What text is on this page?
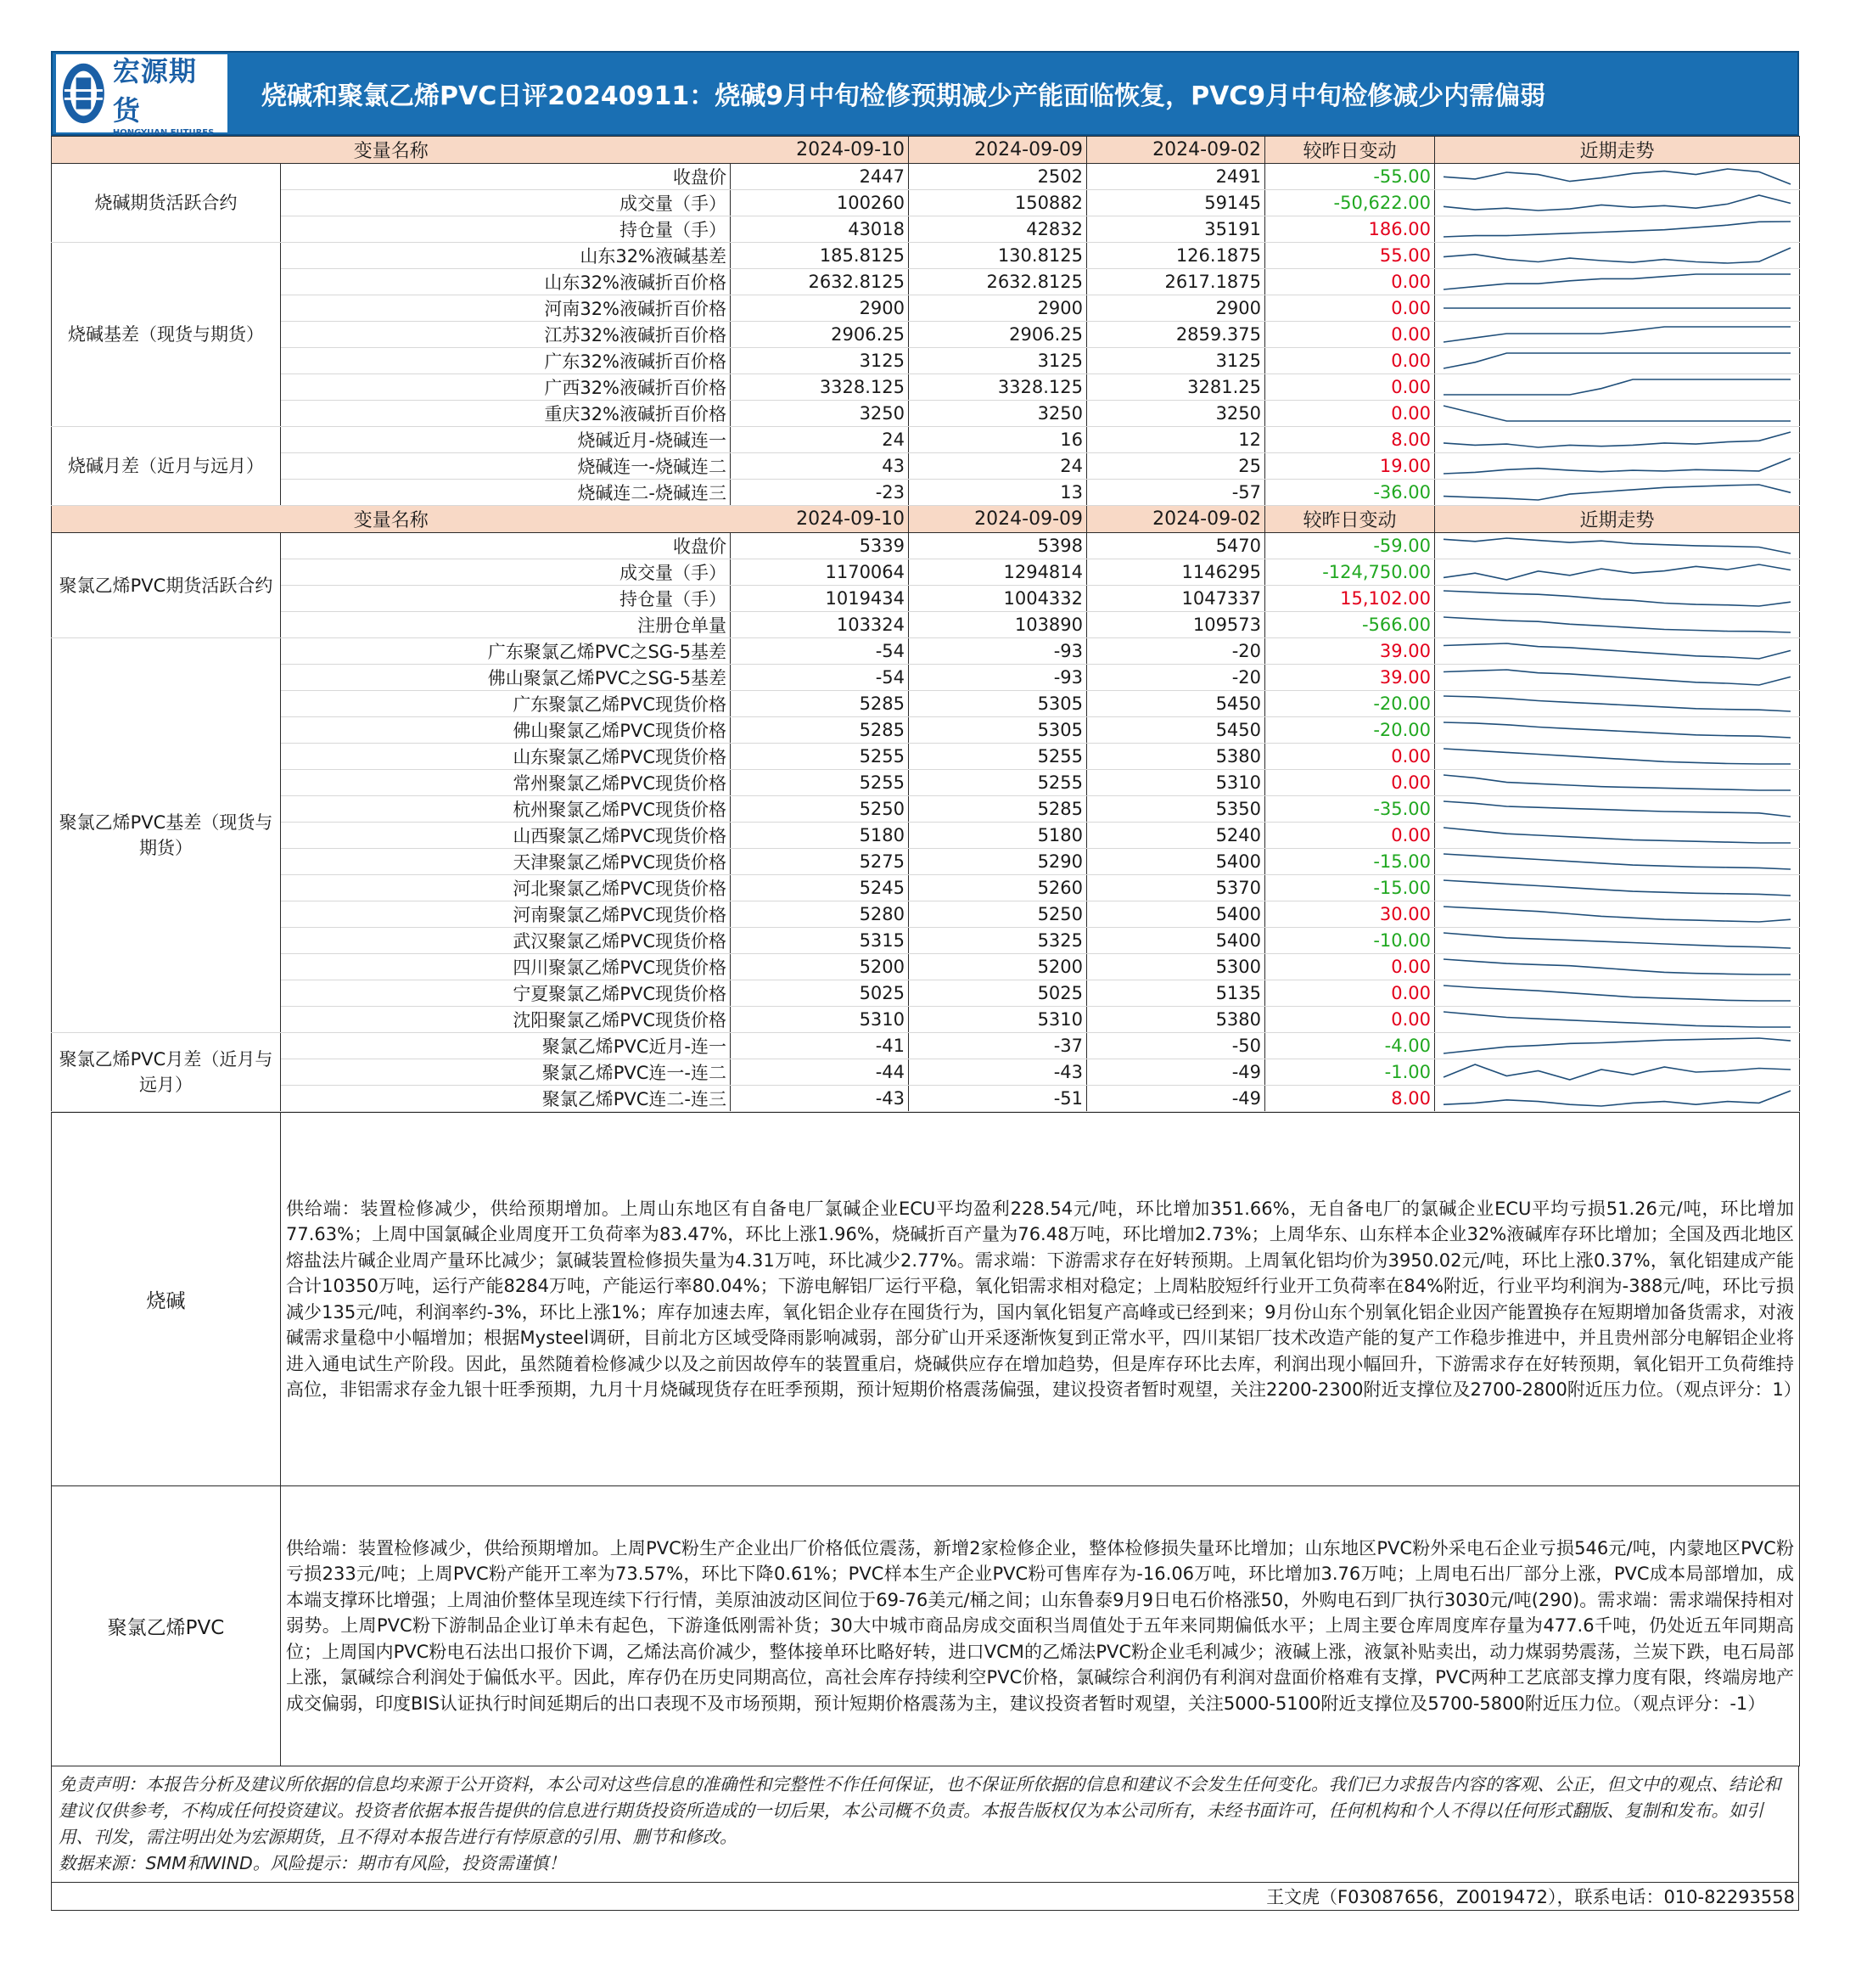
宏源期货
HONGYUAN FUTURES
烧碱和聚氯乙烯PVC日评20240911：烧碱9月中旬检修预期减少产能面临恢复，PVC9月中旬检修减少内需偏弱
变量名称		2024-09-10	2024-09-09	2024-09-02	较昨日变动	近期走势
烧碱期货活跃合约	收盘价	2447	2502	2491	-55.00	

	成交量（手）	100260	150882	59145	-50,622.00	

	持仓量（手）	43018	42832	35191	186.00	

烧碱基差（现货与期货）	山东32%液碱基差	185.8125	130.8125	126.1875	55.00	

	山东32%液碱折百价格	2632.8125	2632.8125	2617.1875	0.00	

	河南32%液碱折百价格	2900	2900	2900	0.00	

	江苏32%液碱折百价格	2906.25	2906.25	2859.375	0.00	

	广东32%液碱折百价格	3125	3125	3125	0.00	

	广西32%液碱折百价格	3328.125	3328.125	3281.25	0.00	

	重庆32%液碱折百价格	3250	3250	3250	0.00	

烧碱月差（近月与远月）	烧碱近月-烧碱连一	24	16	12	8.00	

	烧碱连一-烧碱连二	43	24	25	19.00	

	烧碱连二-烧碱连三	-23	13	-57	-36.00	

变量名称		2024-09-10	2024-09-09	2024-09-02	较昨日变动	近期走势
聚氯乙烯PVC期货活跃合约	收盘价	5339	5398	5470	-59.00	

	成交量（手）	1170064	1294814	1146295	-124,750.00	

	持仓量（手）	1019434	1004332	1047337	15,102.00	

	注册仓单量	103324	103890	109573	-566.00	

聚氯乙烯PVC基差（现货与期货）	广东聚氯乙烯PVC之SG-5基差	-54	-93	-20	39.00	

	佛山聚氯乙烯PVC之SG-5基差	-54	-93	-20	39.00	

	广东聚氯乙烯PVC现货价格	5285	5305	5450	-20.00	

	佛山聚氯乙烯PVC现货价格	5285	5305	5450	-20.00	

	山东聚氯乙烯PVC现货价格	5255	5255	5380	0.00	

	常州聚氯乙烯PVC现货价格	5255	5255	5310	0.00	

	杭州聚氯乙烯PVC现货价格	5250	5285	5350	-35.00	

	山西聚氯乙烯PVC现货价格	5180	5180	5240	0.00	

	天津聚氯乙烯PVC现货价格	5275	5290	5400	-15.00	

	河北聚氯乙烯PVC现货价格	5245	5260	5370	-15.00	

	河南聚氯乙烯PVC现货价格	5280	5250	5400	30.00	

	武汉聚氯乙烯PVC现货价格	5315	5325	5400	-10.00	

	四川聚氯乙烯PVC现货价格	5200	5200	5300	0.00	

	宁夏聚氯乙烯PVC现货价格	5025	5025	5135	0.00	

	沈阳聚氯乙烯PVC现货价格	5310	5310	5380	0.00	

聚氯乙烯PVC月差（近月与远月）	聚氯乙烯PVC近月-连一	-41	-37	-50	-4.00	

	聚氯乙烯PVC连一-连二	-44	-43	-49	-1.00	

	聚氯乙烯PVC连二-连三	-43	-51	-49	8.00	
烧碱	供给端：装置检修减少，供给预期增加。上周山东地区有自备电厂氯碱企业ECU平均盈利228.54元/吨，环比增加351.66%，无自备电厂的氯碱企业ECU平均亏损51.26元/吨，环比增加77.63%；上周中国氯碱企业周度开工负荷率为83.47%，环比上涨1.96%，烧碱折百产量为76.48万吨，环比增加2.73%；上周华东、山东样本企业32%液碱库存环比增加；全国及西北地区熔盐法片碱企业周产量环比减少；氯碱装置检修损失量为4.31万吨，环比减少2.77%。需求端：下游需求存在好转预期。上周氧化铝均价为3950.02元/吨，环比上涨0.37%，氧化铝建成产能合计10350万吨，运行产能8284万吨，产能运行率80.04%；下游电解铝厂运行平稳，氧化铝需求相对稳定；上周粘胶短纤行业开工负荷率在84%附近，行业平均利润为-388元/吨，环比亏损减少135元/吨，利润率约-3%，环比上涨1%；库存加速去库，氧化铝企业存在囤货行为，国内氧化铝复产高峰或已经到来；9月份山东个别氧化铝企业因产能置换存在短期增加备货需求，对液碱需求量稳中小幅增加；根据Mysteel调研，目前北方区域受降雨影响减弱，部分矿山开采逐渐恢复到正常水平，四川某铝厂技术改造产能的复产工作稳步推进中，并且贵州部分电解铝企业将进入通电试生产阶段。因此，虽然随着检修减少以及之前因故停车的装置重启，烧碱供应存在增加趋势，但是库存环比去库，利润出现小幅回升，下游需求存在好转预期，氧化铝开工负荷维持高位，非铝需求存金九银十旺季预期，九月十月烧碱现货存在旺季预期，预计短期价格震荡偏强，建议投资者暂时观望，关注2200-2300附近支撑位及2700-2800附近压力位。（观点评分：1）
聚氯乙烯PVC	供给端：装置检修减少，供给预期增加。上周PVC粉生产企业出厂价格低位震荡，新增2家检修企业，整体检修损失量环比增加；山东地区PVC粉外采电石企业亏损546元/吨，内蒙地区PVC粉亏损233元/吨；上周PVC粉产能开工率为73.57%，环比下降0.61%；PVC样本生产企业PVC粉可售库存为-16.06万吨，环比增加3.76万吨；上周电石出厂部分上涨，PVC成本局部增加，成本端支撑环比增强；上周油价整体呈现连续下行行情，美原油波动区间位于69-76美元/桶之间；山东鲁泰9月9日电石价格涨50，外购电石到厂执行3030元/吨(290)。需求端：需求端保持相对弱势。上周PVC粉下游制品企业订单未有起色，下游逢低刚需补货；30大中城市商品房成交面积当周值处于五年来同期偏低水平；上周主要仓库周度库存量为477.6千吨，仍处近五年同期高位；上周国内PVC粉电石法出口报价下调，乙烯法高价减少，整体接单环比略好转，进口VCM的乙烯法PVC粉企业毛利减少；液碱上涨，液氯补贴卖出，动力煤弱势震荡，兰炭下跌，电石局部上涨，氯碱综合利润处于偏低水平。因此，库存仍在历史同期高位，高社会库存持续利空PVC价格，氯碱综合利润仍有利润对盘面价格难有支撑，PVC两种工艺底部支撑力度有限，终端房地产成交偏弱，印度BIS认证执行时间延期后的出口表现不及市场预期，预计短期价格震荡为主，建议投资者暂时观望，关注5000-5100附近支撑位及5700-5800附近压力位。（观点评分：-1）
免责声明：本报告分析及建议所依据的信息均来源于公开资料，本公司对这些信息的准确性和完整性不作任何保证，也不保证所依据的信息和建议不会发生任何变化。我们已力求报告内容的客观、公正，但文中的观点、结论和建议仅供参考，不构成任何投资建议。投资者依据本报告提供的信息进行期货投资所造成的一切后果，本公司概不负责。本报告版权仅为本公司所有，未经书面许可，任何机构和个人不得以任何形式翻版、复制和发布。如引用、刊发，需注明出处为宏源期货，且不得对本报告进行有悖原意的引用、删节和修改。
数据来源：SMM和WIND。风险提示：期市有风险，投资需谨慎！
王文虎（F03087656，Z0019472），联系电话：010-82293558
